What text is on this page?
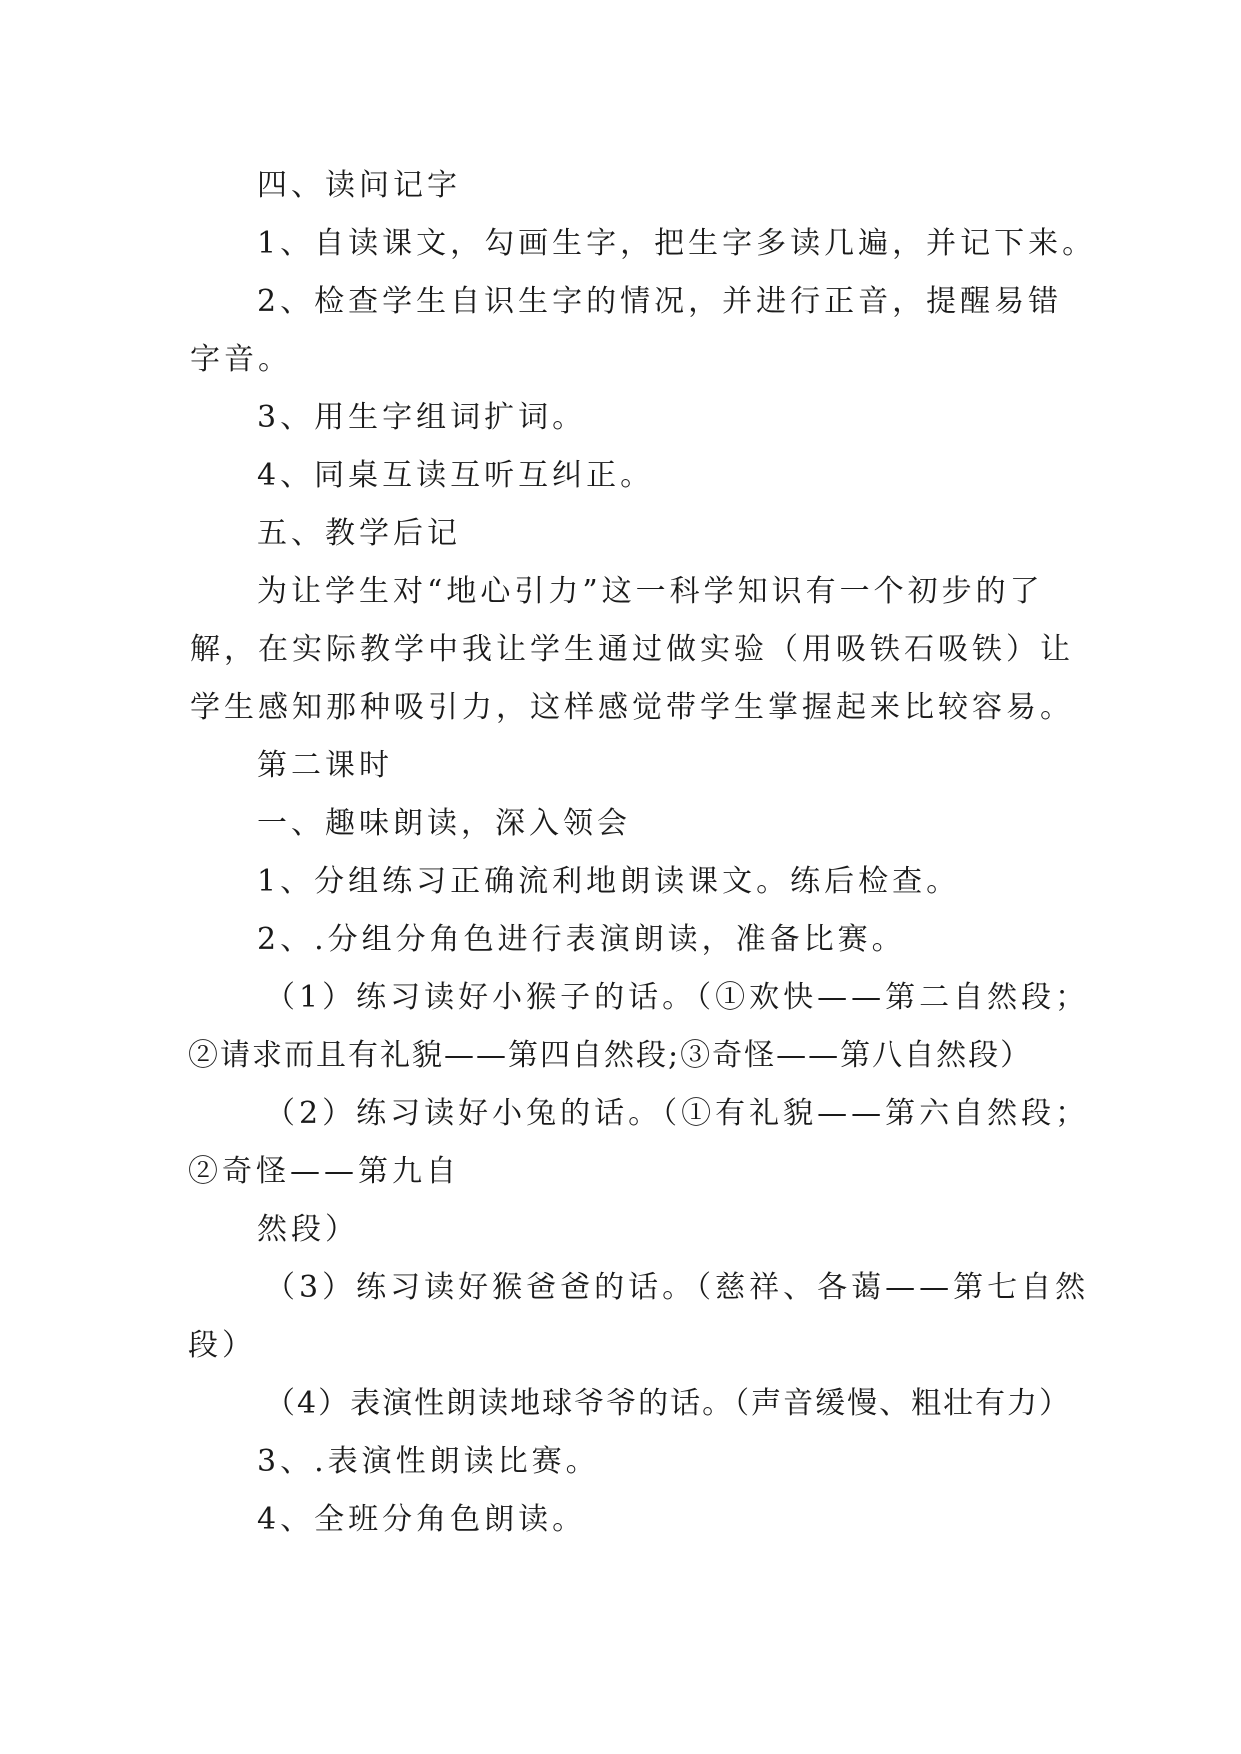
四、读问记字
1、自读课文，勾画生字，把生字多读几遍，并记下来。
2、检查学生自识生字的情况，并进行正音，提醒易错
字音。
3、用生字组词扩词。
4、同桌互读互听互纠正。
五、教学后记
为让学生对“地心引力”这一科学知识有一个初步的了
解，在实际教学中我让学生通过做实验（用吸铁石吸铁）让
学生感知那种吸引力，这样感觉带学生掌握起来比较容易。
第二课时
一、趣味朗读，深入领会
1、分组练习正确流利地朗读课文。练后检查。
2、.分组分角色进行表演朗读，准备比赛。
（1）练习读好小猴子的话。（①欢快——第二自然段；
②请求而且有礼貌——第四自然段;③奇怪——第八自然段）
（2）练习读好小兔的话。（①有礼貌——第六自然段；
②奇怪——第九自
然段）
（3）练习读好猴爸爸的话。（慈祥、各蔼——第七自然
段）
（4）表演性朗读地球爷爷的话。（声音缓慢、粗壮有力）
3、.表演性朗读比赛。
4、全班分角色朗读。
